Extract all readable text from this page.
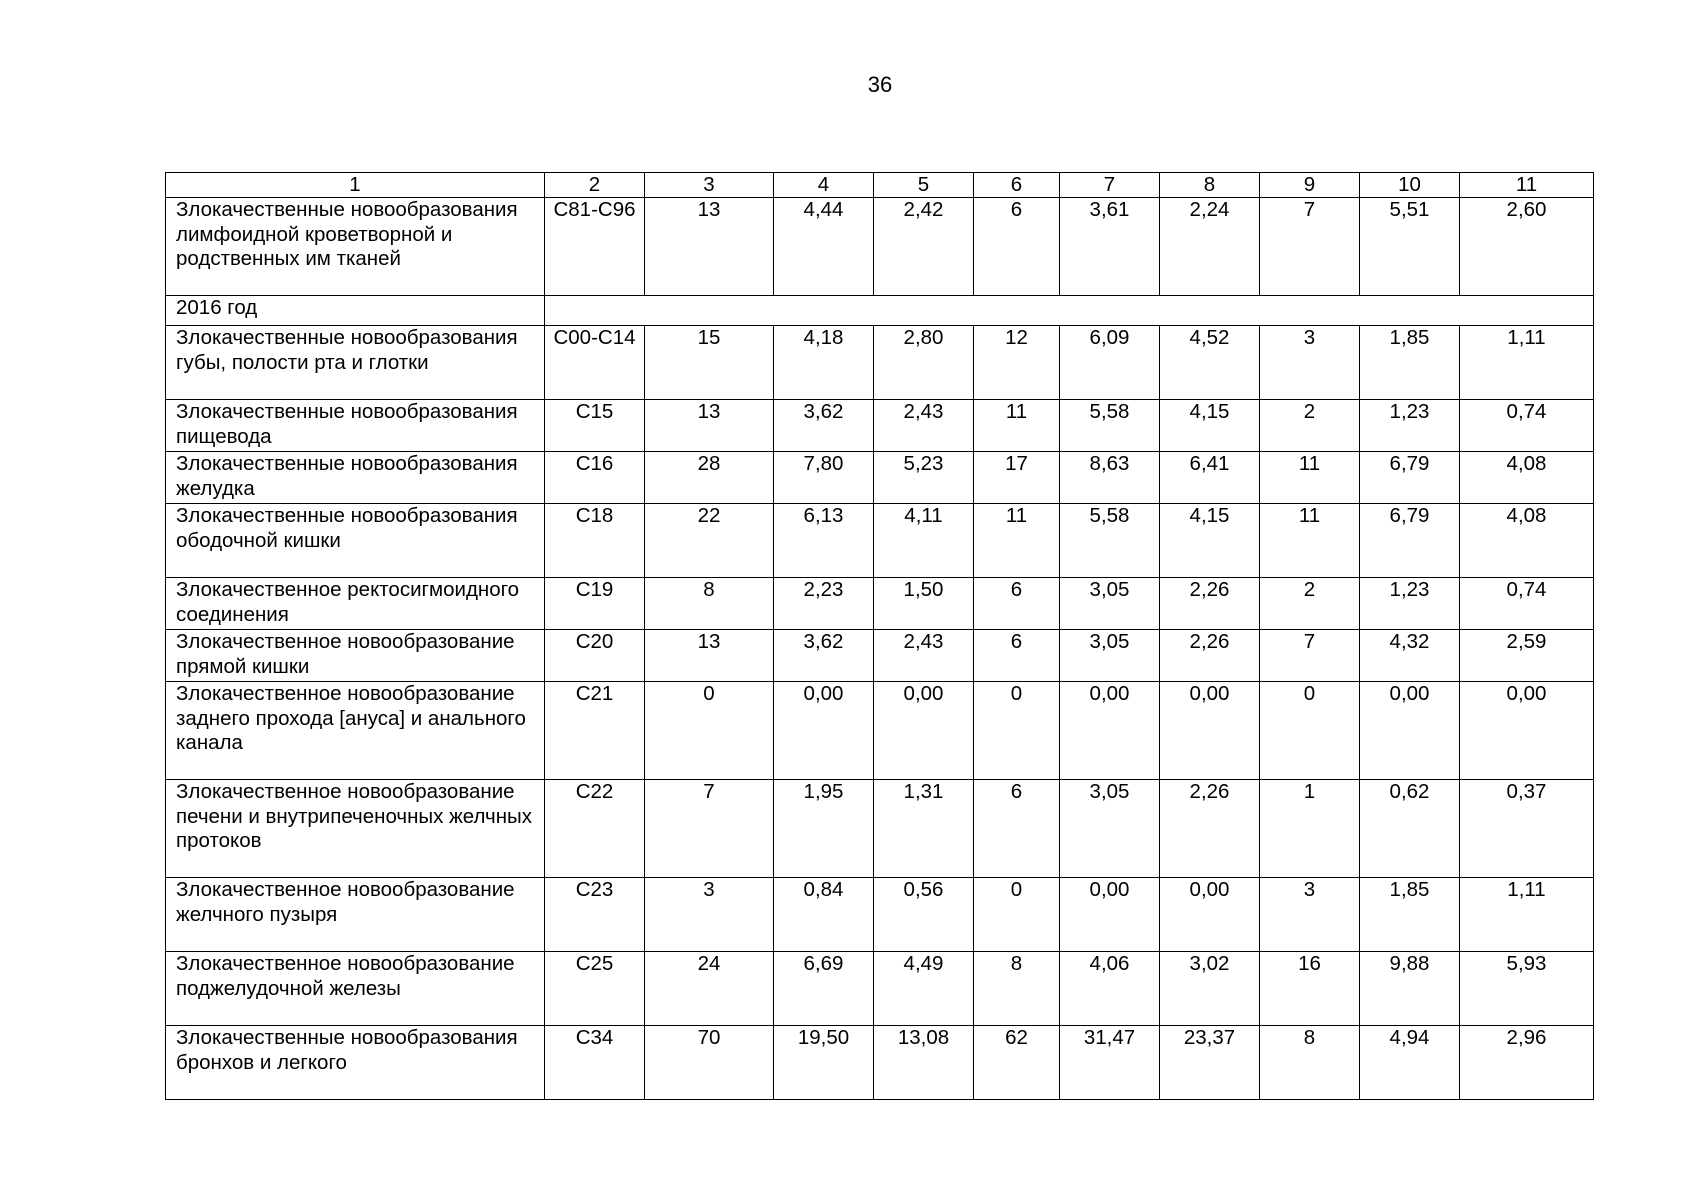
36
1	2	3	4	5	6	7	8	9	10	11
Злокачественные новообразования лимфоидной кроветворной и родственных им тканей	C81-C96	13	4,44	2,42	6	3,61	2,24	7	5,51	2,60
2016 год										
Злокачественные новообразования губы, полости рта и глотки	C00-C14	15	4,18	2,80	12	6,09	4,52	3	1,85	1,11
Злокачественные новообразования пищевода	C15	13	3,62	2,43	11	5,58	4,15	2	1,23	0,74
Злокачественные новообразования желудка	C16	28	7,80	5,23	17	8,63	6,41	11	6,79	4,08
Злокачественные новообразования ободочной кишки	C18	22	6,13	4,11	11	5,58	4,15	11	6,79	4,08
Злокачественное ректосигмоидного соединения	C19	8	2,23	1,50	6	3,05	2,26	2	1,23	0,74
Злокачественное новообразование прямой кишки	C20	13	3,62	2,43	6	3,05	2,26	7	4,32	2,59
Злокачественное новообразование заднего прохода [ануса] и анального канала	C21	0	0,00	0,00	0	0,00	0,00	0	0,00	0,00
Злокачественное новообразование печени и внутрипеченочных желчных протоков	C22	7	1,95	1,31	6	3,05	2,26	1	0,62	0,37
Злокачественное новообразование желчного пузыря	C23	3	0,84	0,56	0	0,00	0,00	3	1,85	1,11
Злокачественное новообразование поджелудочной железы	C25	24	6,69	4,49	8	4,06	3,02	16	9,88	5,93
Злокачественные новообразования бронхов и легкого	C34	70	19,50	13,08	62	31,47	23,37	8	4,94	2,96
